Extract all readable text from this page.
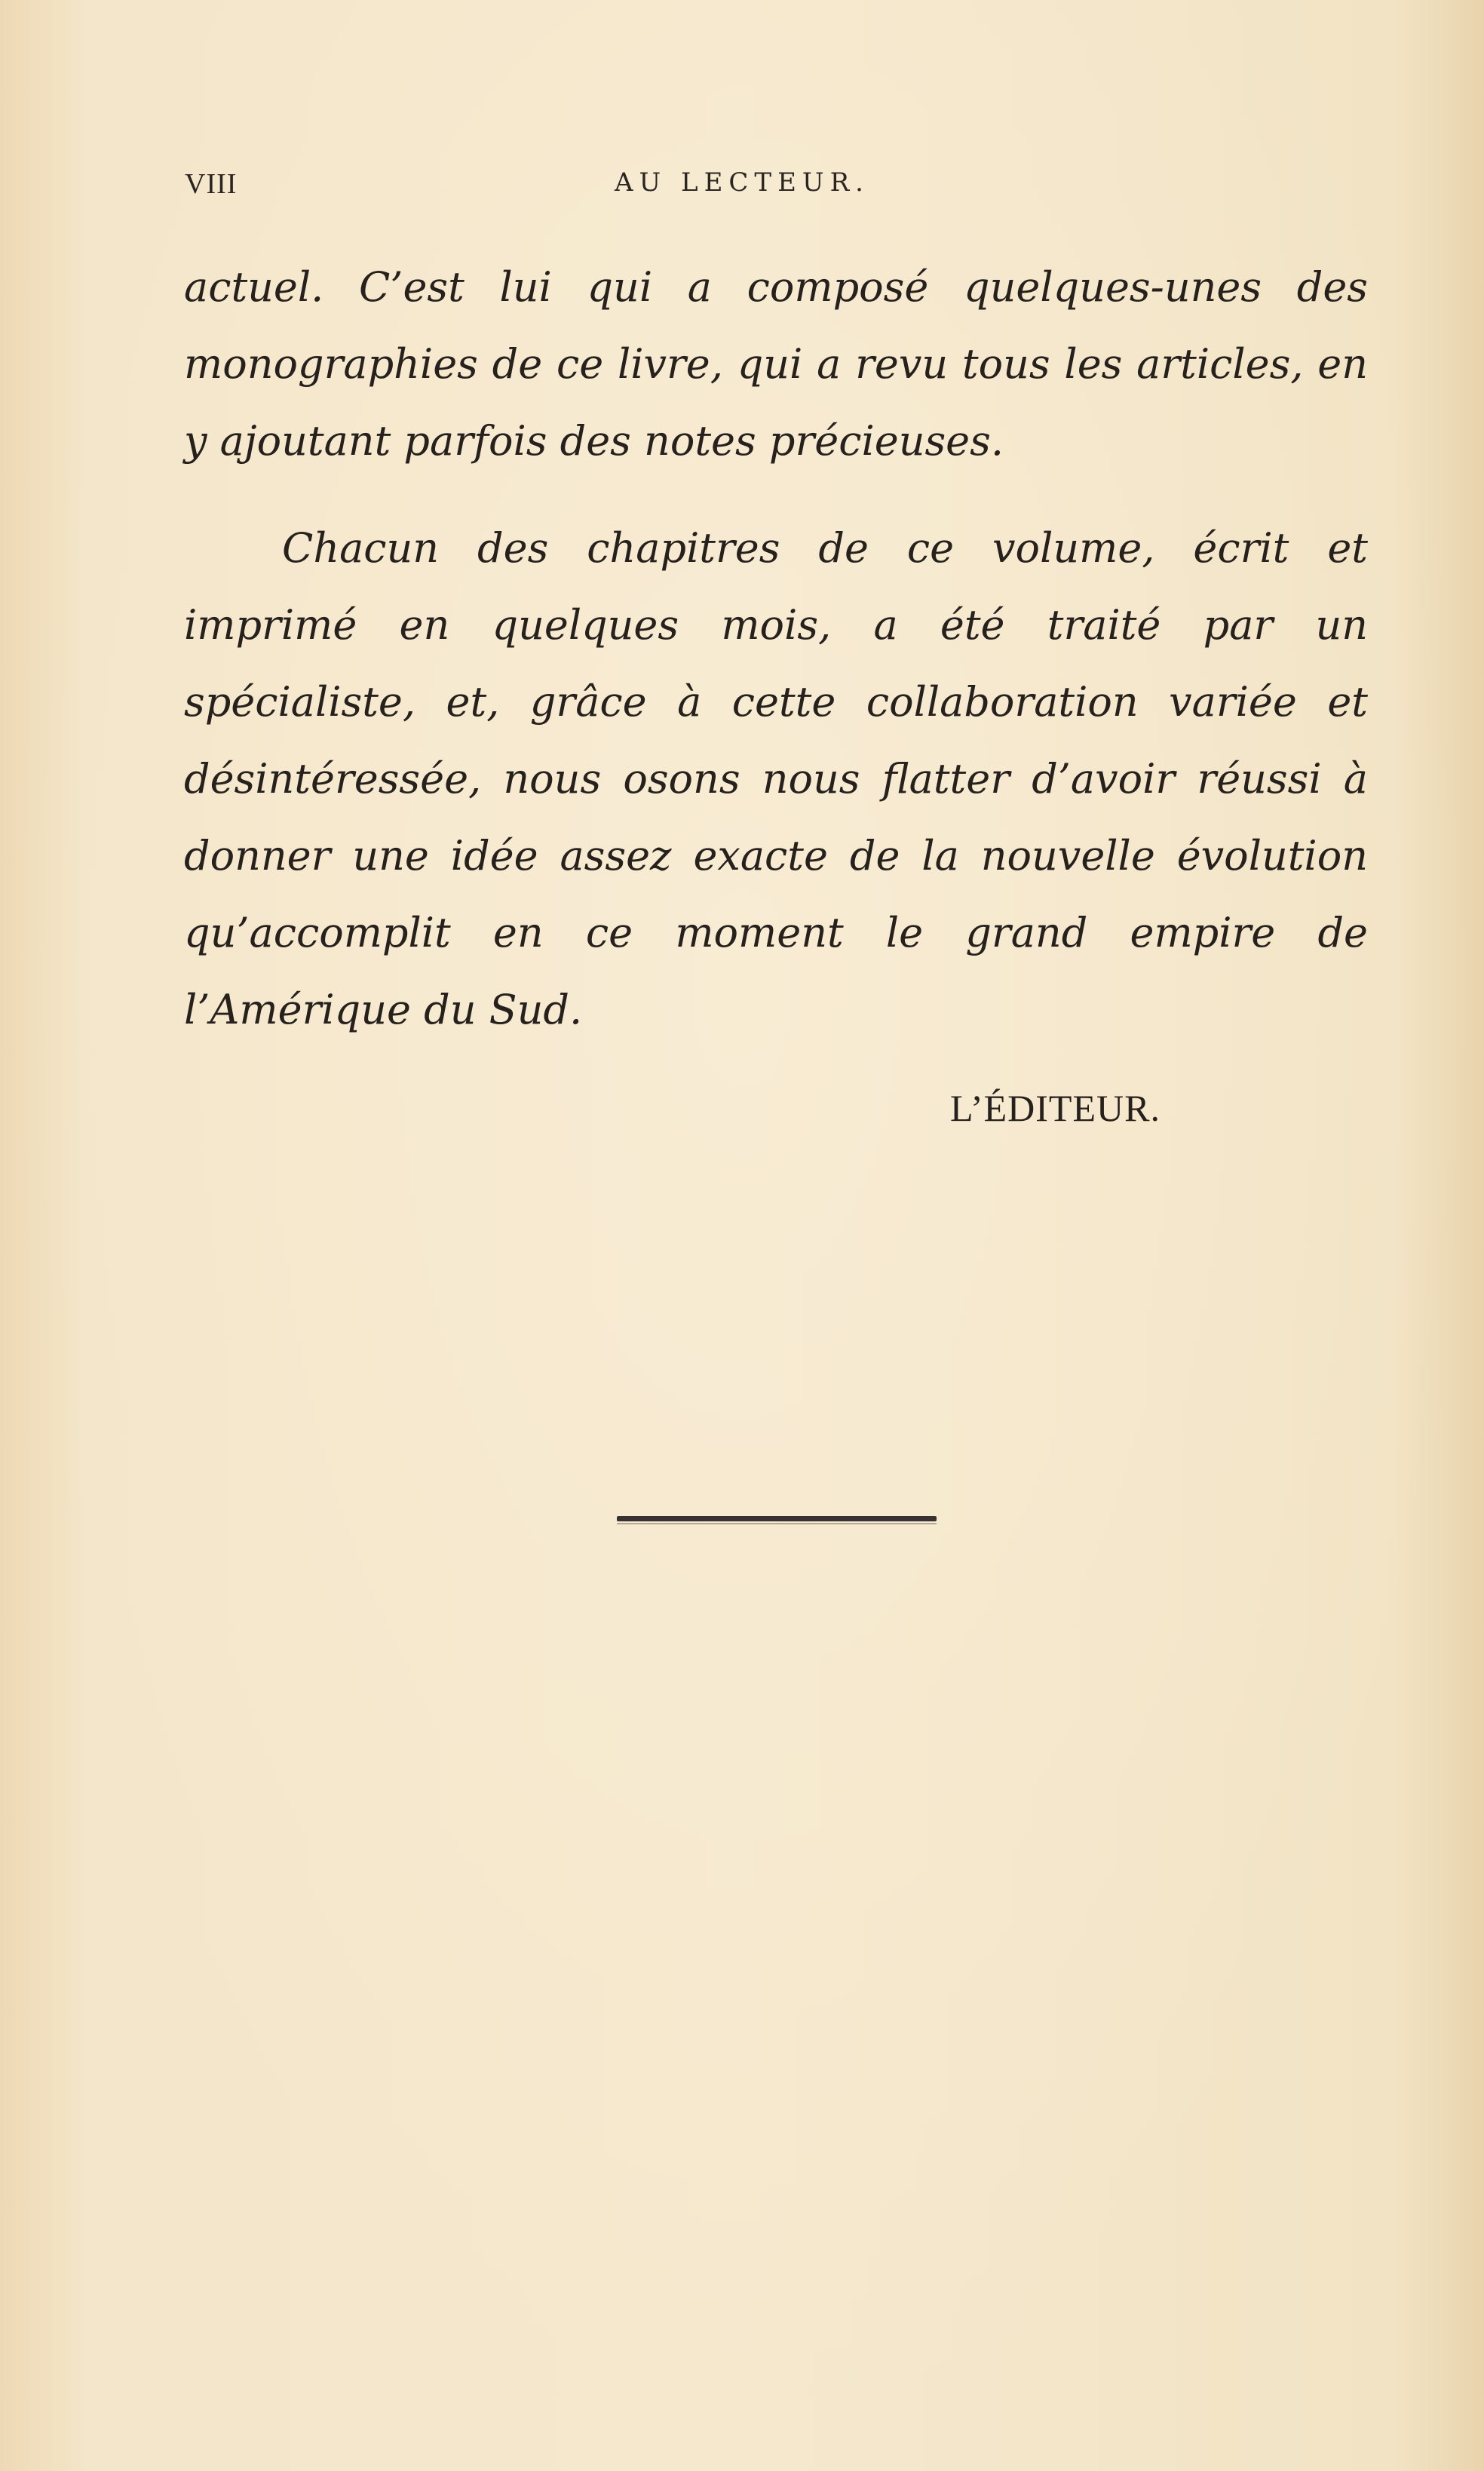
VIII	AU LECTEUR.

actuel. C’est lui qui a composé quelques-unes des monographies de ce livre, qui a revu tous les articles, en y ajoutant parfois des notes précieuses.

Chacun des chapitres de ce volume, écrit et imprimé en quelques mois, a été traité par un spécialiste, et, grâce à cette collaboration variée et désintéressée, nous osons nous flatter d’avoir réussi à donner une idée assez exacte de la nouvelle évolution qu’accomplit en ce moment le grand empire de l’Amérique du Sud.

L’ÉDITEUR.
